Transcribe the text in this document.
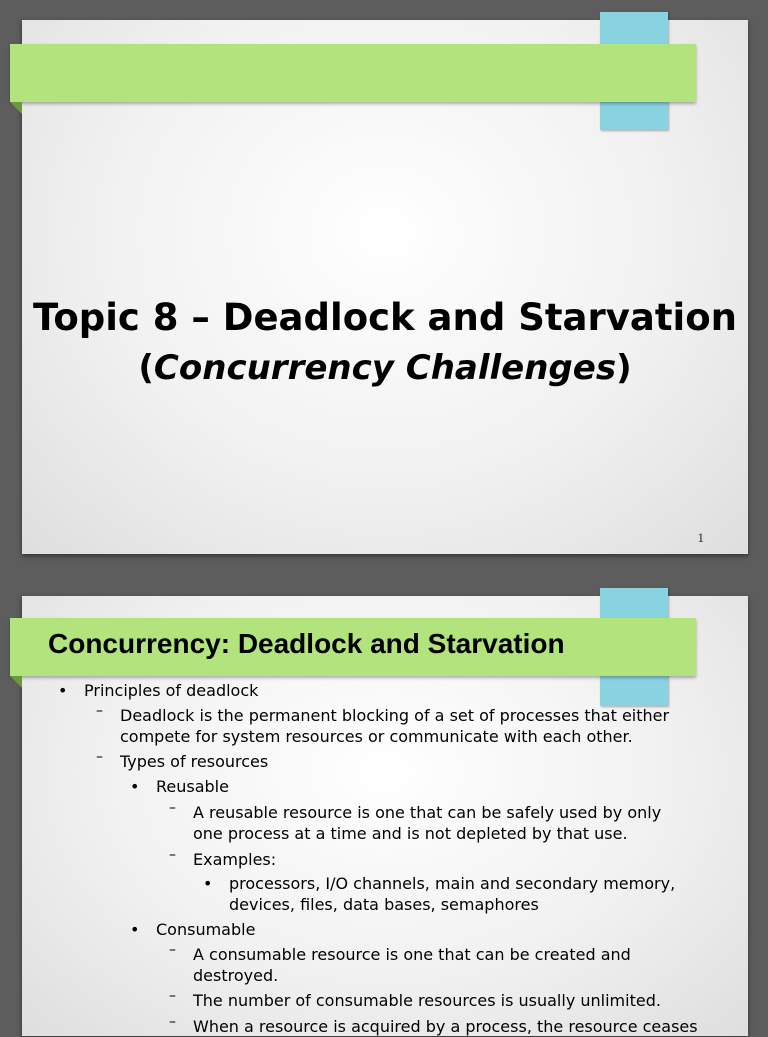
Topic 8 – Deadlock and Starvation
(Concurrency Challenges)
1
Concurrency: Deadlock and Starvation
• Principles of deadlock
– Deadlock is the permanent blocking of a set of processes that either compete for system resources or communicate with each other.
– Types of resources
• Reusable
– A reusable resource is one that can be safely used by only one process at a time and is not depleted by that use.
– Examples:
• processors, I/O channels, main and secondary memory, devices, files, data bases, semaphores
• Consumable
– A consumable resource is one that can be created and destroyed.
– The number of consumable resources is usually unlimited.
– When a resource is acquired by a process, the resource ceases
